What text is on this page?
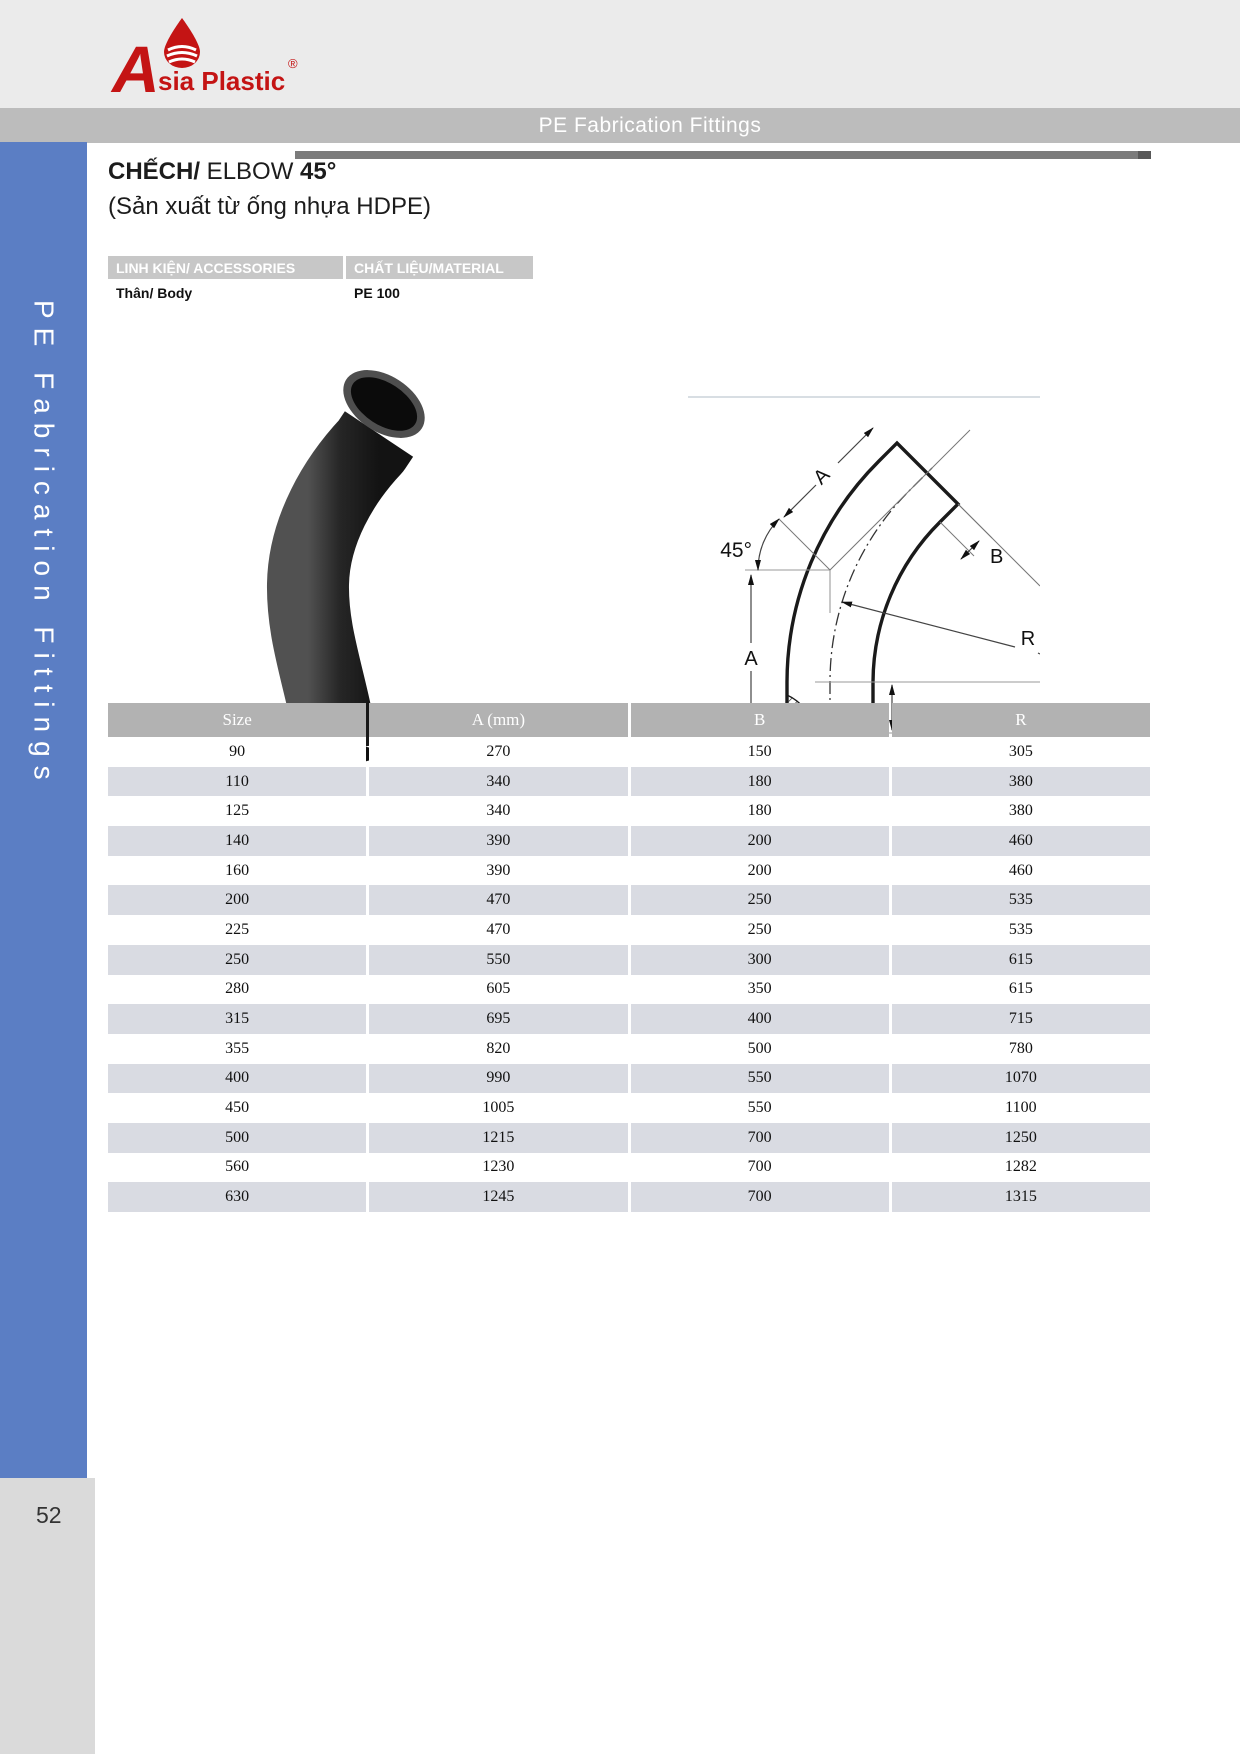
A
sia Plastic
®
PE Fabrication Fittings
PE Fabrication Fittings
52
CHẾCH/ ELBOW 45°
(Sản xuất từ ống nhựa HDPE)
LINH KIỆN/ ACCESSORIES	CHẤT LIỆU/MATERIAL
Thân/ Body	PE 100
A
45°
A
B
R
Size	A (mm)	B	R
90	270	150	305
110	340	180	380
125	340	180	380
140	390	200	460
160	390	200	460
200	470	250	535
225	470	250	535
250	550	300	615
280	605	350	615
315	695	400	715
355	820	500	780
400	990	550	1070
450	1005	550	1100
500	1215	700	1250
560	1230	700	1282
630	1245	700	1315
